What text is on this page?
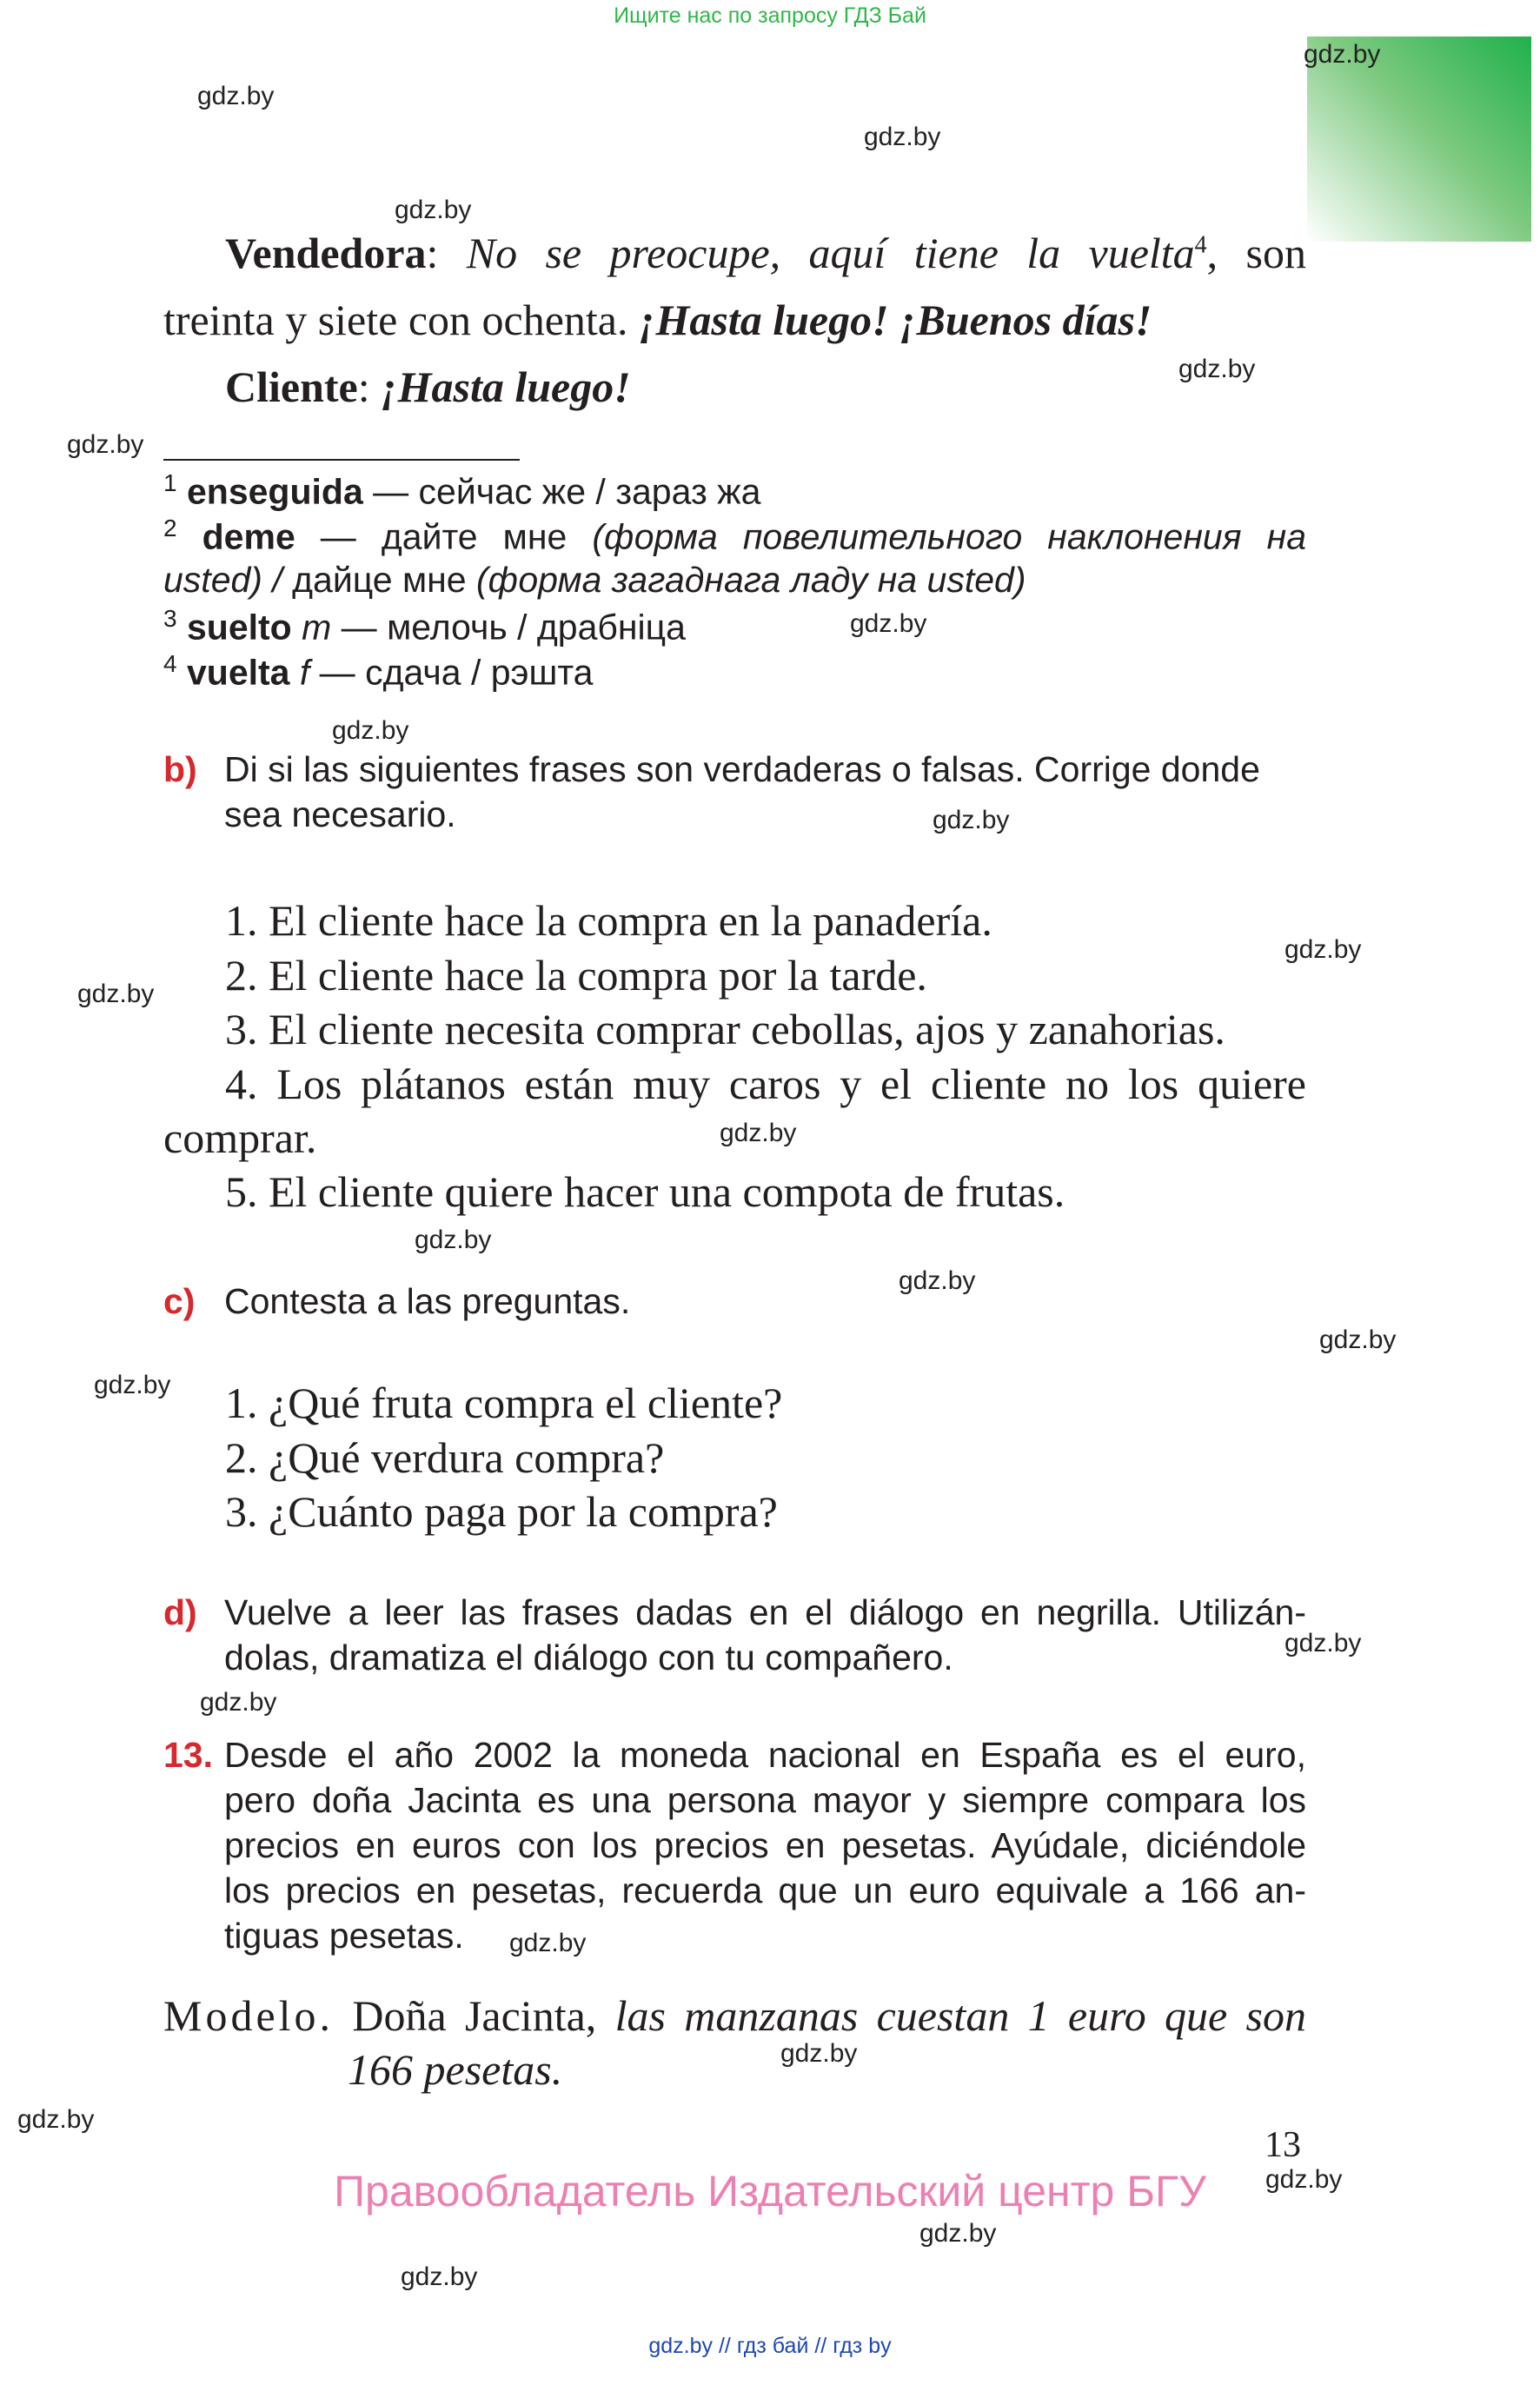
Ищите нас по запросу ГДЗ Бай
gdz.by
gdz.by
gdz.by
gdz.by
gdz.by
gdz.by
gdz.by
gdz.by
gdz.by
gdz.by
gdz.by
gdz.by
gdz.by
gdz.by
gdz.by
gdz.by
gdz.by
gdz.by
gdz.by
gdz.by
gdz.by
gdz.by
gdz.by
gdz.by
Vendedora: No se preocupe, aquí tiene la vuelta$^4$, son
treinta y siete con ochenta. ¡Hasta luego! ¡Buenos días!
Cliente: ¡Hasta luego!
$^1$ enseguida — сейчас же / зараз жа
$^2$ deme — дайте мне (форма повелительного наклонения на
usted) / дайце мне (форма загаднага ладу на usted)
$^3$ suelto m — мелочь / драбніца
$^4$ vuelta f — сдача / рэшта
b) Di si las siguientes frases son verdaderas o falsas. Corrige donde
sea necesario.
1. El cliente hace la compra en la panadería.
2. El cliente hace la compra por la tarde.
3. El cliente necesita comprar cebollas, ajos y zanahorias.
4. Los plátanos están muy caros y el cliente no los quiere
comprar.
5. El cliente quiere hacer una compota de frutas.
c) Contesta a las preguntas.
1. ¿Qué fruta compra el cliente?
2. ¿Qué verdura compra?
3. ¿Cuánto paga por la compra?
d) Vuelve a leer las frases dadas en el diálogo en negrilla. Utilizán-
dolas, dramatiza el diálogo con tu compañero.
13. Desde el año 2002 la moneda nacional en España es el euro,
pero doña Jacinta es una persona mayor y siempre compara los
precios en euros con los precios en pesetas. Ayúdale, diciéndole
los precios en pesetas, recuerda que un euro equivale a 166 an-
tiguas pesetas.
Modelo. Doña Jacinta, las manzanas cuestan 1 euro que son
166 pesetas.
13
Правообладатель Издательский центр БГУ
gdz.by // гдз бай // гдз by
